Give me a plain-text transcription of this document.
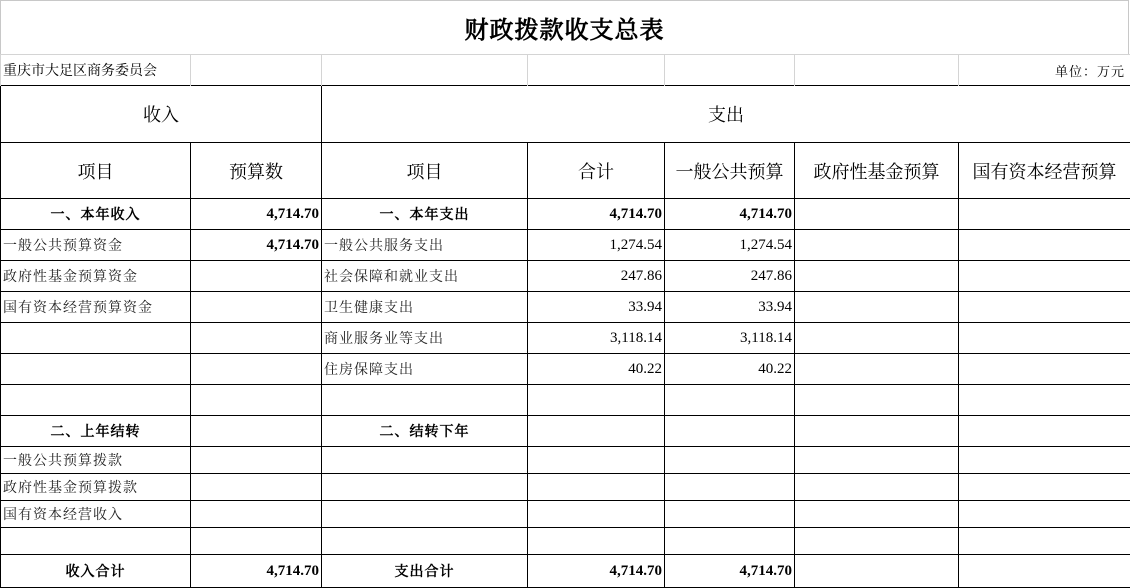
财政拨款收支总表
重庆市大足区商务委员会						单位：万元
收入		支出				
项目	预算数	项目	合计	一般公共预算	政府性基金预算	国有资本经营预算
一、本年收入	4,714.70	一、本年支出	4,714.70	4,714.70		
一般公共预算资金	4,714.70	一般公共服务支出	1,274.54	1,274.54		
政府性基金预算资金		社会保障和就业支出	247.86	247.86		
国有资本经营预算资金		卫生健康支出	33.94	33.94		
		商业服务业等支出	3,118.14	3,118.14		
		住房保障支出	40.22	40.22		

二、上年结转		二、结转下年				
一般公共预算拨款						
政府性基金预算拨款						
国有资本经营收入						

收入合计	4,714.70	支出合计	4,714.70	4,714.70		
